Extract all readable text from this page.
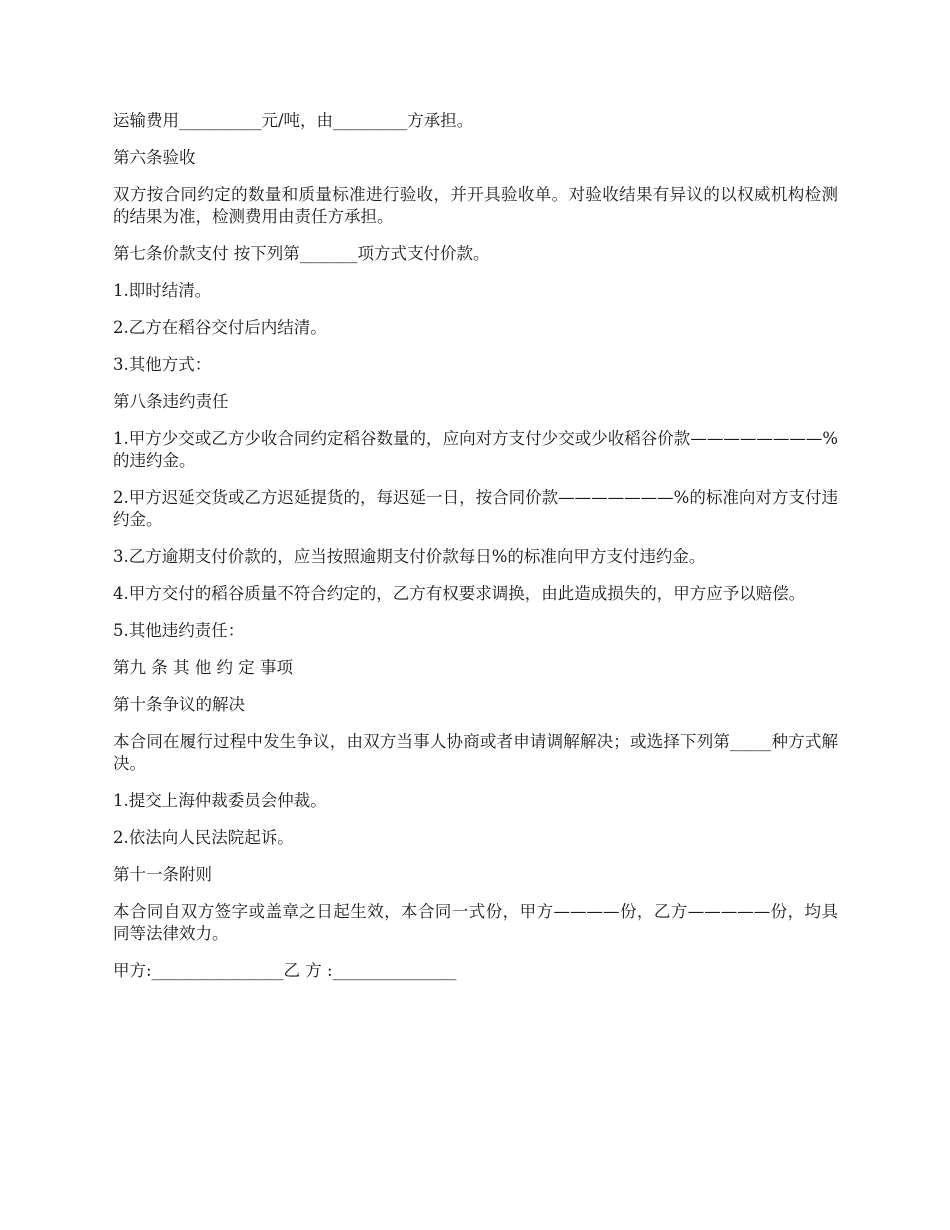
运输费用__________元/吨，由_________方承担。

第六条验收

双方按合同约定的数量和质量标准进行验收，并开具验收单。对验收结果有异议的以权威机构检测的结果为准，检测费用由责任方承担。

第七条价款支付 按下列第_______项方式支付价款。

1.即时结清。

2.乙方在稻谷交付后内结清。

3.其他方式：

第八条违约责任

1.甲方少交或乙方少收合同约定稻谷数量的，应向对方支付少交或少收稻谷价款————————%的违约金。

2.甲方迟延交货或乙方迟延提货的，每迟延一日，按合同价款———————%的标准向对方支付违约金。

3.乙方逾期支付价款的，应当按照逾期支付价款每日%的标准向甲方支付违约金。

4.甲方交付的稻谷质量不符合约定的，乙方有权要求调换，由此造成损失的，甲方应予以赔偿。

5.其他违约责任：

第九 条 其 他 约 定 事项

第十条争议的解决

本合同在履行过程中发生争议，由双方当事人协商或者申请调解解决；或选择下列第_____种方式解决。

1.提交上海仲裁委员会仲裁。

2.依法向人民法院起诉。

第十一条附则

本合同自双方签字或盖章之日起生效，本合同一式份，甲方————份，乙方—————份，均具同等法律效力。

甲方:________________乙 方 :_______________
